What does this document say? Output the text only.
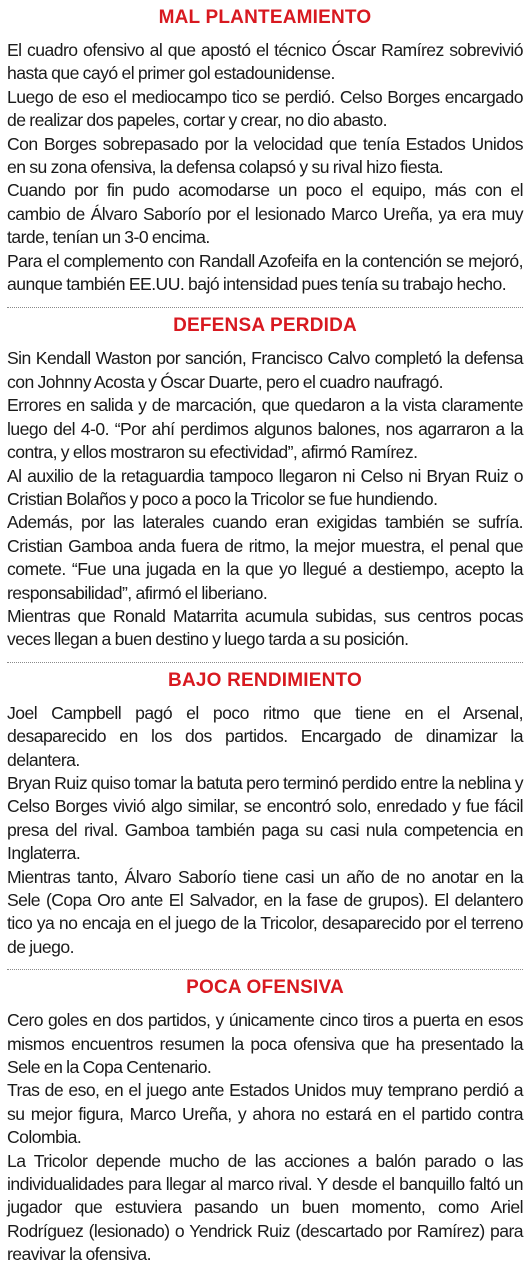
MAL PLANTEAMIENTO

El cuadro ofensivo al que apostó el técnico Óscar Ramírez sobrevivió hasta que cayó el primer gol estadounidense.

Luego de eso el mediocampo tico se perdió. Celso Borges encargado de realizar dos papeles, cortar y crear, no dio abasto.

Con Borges sobrepasado por la velocidad que tenía Estados Unidos en su zona ofensiva, la defensa colapsó y su rival hizo fiesta.

Cuando por fin pudo acomodarse un poco el equipo, más con el cambio de Álvaro Saborío por el lesionado Marco Ureña, ya era muy tarde, tenían un 3-0 encima.

Para el complemento con Randall Azofeifa en la contención se mejoró, aunque también EE.UU. bajó intensidad pues tenía su trabajo hecho.

DEFENSA PERDIDA

Sin Kendall Waston por sanción, Francisco Calvo completó la defensa con Johnny Acosta y Óscar Duarte, pero el cuadro naufragó.

Errores en salida y de marcación, que quedaron a la vista claramente luego del 4-0. “Por ahí perdimos algunos balones, nos agarraron a la contra, y ellos mostraron su efectividad”, afirmó Ramírez.

Al auxilio de la retaguardia tampoco llegaron ni Celso ni Bryan Ruiz o Cristian Bolaños y poco a poco la Tricolor se fue hundiendo.

Además, por las laterales cuando eran exigidas también se sufría. Cristian Gamboa anda fuera de ritmo, la mejor muestra, el penal que comete. “Fue una jugada en la que yo llegué a destiempo, acepto la responsabilidad”, afirmó el liberiano.

Mientras que Ronald Matarrita acumula subidas, sus centros pocas veces llegan a buen destino y luego tarda a su posición.

BAJO RENDIMIENTO

Joel Campbell pagó el poco ritmo que tiene en el Arsenal, desaparecido en los dos partidos. Encargado de dinamizar la delantera.

Bryan Ruiz quiso tomar la batuta pero terminó perdido entre la neblina y Celso Borges vivió algo similar, se encontró solo, enredado y fue fácil presa del rival. Gamboa también paga su casi nula competencia en Inglaterra.

Mientras tanto, Álvaro Saborío tiene casi un año de no anotar en la Sele (Copa Oro ante El Salvador, en la fase de grupos). El delantero tico ya no encaja en el juego de la Tricolor, desaparecido por el terreno de juego.

POCA OFENSIVA

Cero goles en dos partidos, y únicamente cinco tiros a puerta en esos mismos encuentros resumen la poca ofensiva que ha presentado la Sele en la Copa Centenario.

Tras de eso, en el juego ante Estados Unidos muy temprano perdió a su mejor figura, Marco Ureña, y ahora no estará en el partido contra Colombia.

La Tricolor depende mucho de las acciones a balón parado o las individualidades para llegar al marco rival. Y desde el banquillo faltó un jugador que estuviera pasando un buen momento, como Ariel Rodríguez (lesionado) o Yendrick Ruiz (descartado por Ramírez) para reavivar la ofensiva.
